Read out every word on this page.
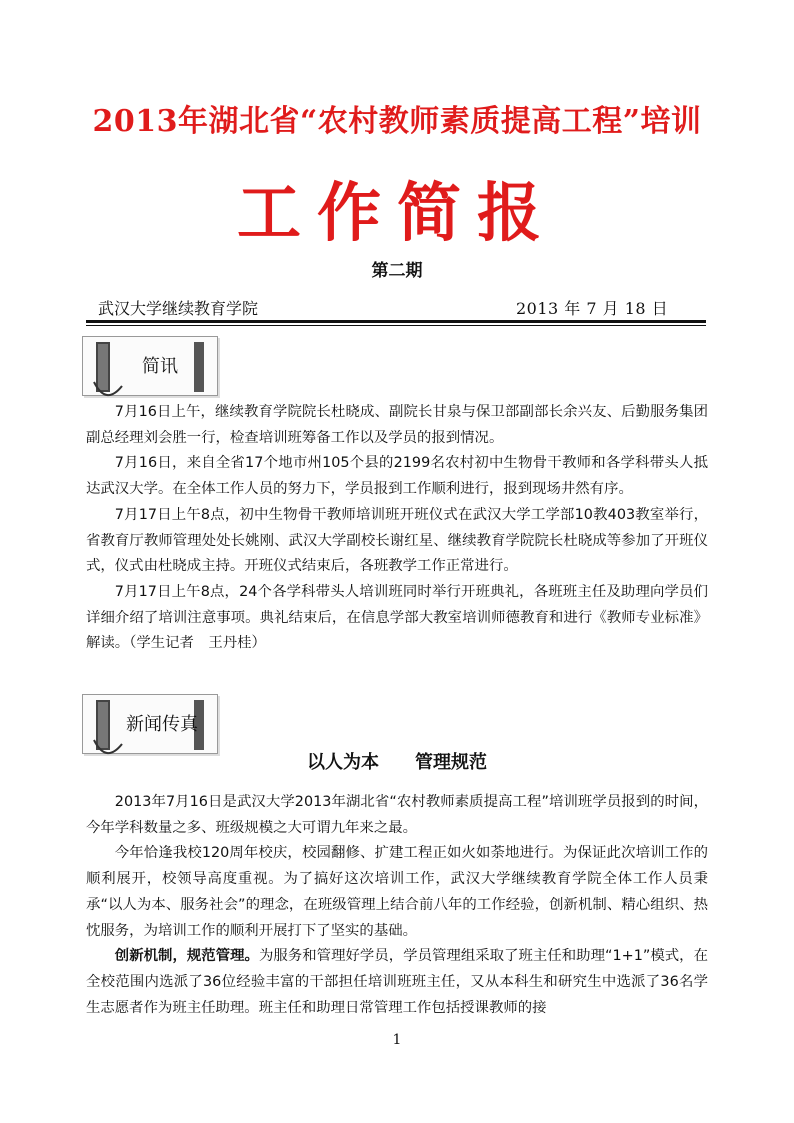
2013年湖北省“农村教师素质提高工程”培训
工作简报
第二期
武汉大学继续教育学院	2013 年 7 月 18 日
简讯

7月16日上午，继续教育学院院长杜晓成、副院长甘泉与保卫部副部长余兴友、后勤服务集团副总经理刘会胜一行，检查培训班筹备工作以及学员的报到情况。

7月16日，来自全省17个地市州105个县的2199名农村初中生物骨干教师和各学科带头人抵达武汉大学。在全体工作人员的努力下，学员报到工作顺利进行，报到现场井然有序。

7月17日上午8点，初中生物骨干教师培训班开班仪式在武汉大学工学部10教403教室举行，省教育厅教师管理处处长姚刚、武汉大学副校长谢红星、继续教育学院院长杜晓成等参加了开班仪式，仪式由杜晓成主持。开班仪式结束后，各班教学工作正常进行。

7月17日上午8点，24个各学科带头人培训班同时举行开班典礼，各班班主任及助理向学员们详细介绍了培训注意事项。典礼结束后，在信息学部大教室培训师德教育和进行《教师专业标准》解读。（学生记者　王丹桂）

新闻传真
以人为本　　管理规范

2013年7月16日是武汉大学2013年湖北省“农村教师素质提高工程”培训班学员报到的时间，今年学科数量之多、班级规模之大可谓九年来之最。

今年恰逢我校120周年校庆，校园翻修、扩建工程正如火如荼地进行。为保证此次培训工作的顺利展开，校领导高度重视。为了搞好这次培训工作，武汉大学继续教育学院全体工作人员秉承“以人为本、服务社会”的理念，在班级管理上结合前八年的工作经验，创新机制、精心组织、热忱服务，为培训工作的顺利开展打下了坚实的基础。

创新机制，规范管理。为服务和管理好学员，学员管理组采取了班主任和助理“1+1”模式，在全校范围内选派了36位经验丰富的干部担任培训班班主任，又从本科生和研究生中选派了36名学生志愿者作为班主任助理。班主任和助理日常管理工作包括授课教师的接

1
